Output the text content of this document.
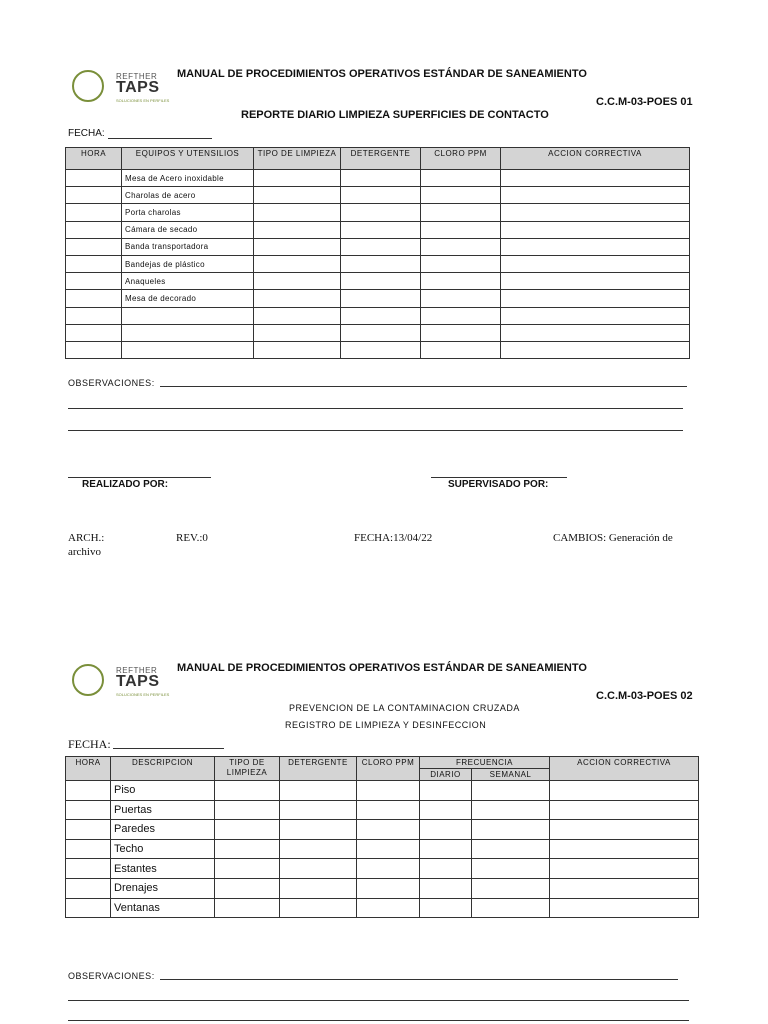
REFTHER
TAPS
SOLUCIONES EN PERFILES
MANUAL DE PROCEDIMIENTOS OPERATIVOS ESTÁNDAR DE SANEAMIENTO
C.C.M-03-POES 01
REPORTE DIARIO LIMPIEZA SUPERFICIES DE CONTACTO
FECHA:
HORA	EQUIPOS Y UTENSILIOS	TIPO DE LIMPIEZA	DETERGENTE	CLORO PPM	ACCION CORRECTIVA
	Mesa de Acero inoxidable				
	Charolas de acero				
	Porta charolas				
	Cámara de secado				
	Banda transportadora				
	Bandejas de plástico				
	Anaqueles				
	Mesa de decorado				

OBSERVACIONES:
REALIZADO POR:	SUPERVISADO POR:
ARCH.:	REV.:0	FECHA:13/04/22	CAMBIOS: Generación de
archivo
REFTHER
TAPS
SOLUCIONES EN PERFILES
MANUAL DE PROCEDIMIENTOS OPERATIVOS ESTÁNDAR DE SANEAMIENTO
C.C.M-03-POES 02
PREVENCION DE LA CONTAMINACION CRUZADA
REGISTRO DE LIMPIEZA Y DESINFECCION
FECHA:
HORA	DESCRIPCION	TIPO DE LIMPIEZA	DETERGENTE	CLORO PPM	FRECUENCIA		ACCION CORRECTIVA
					DIARIO	SEMANAL	
	Piso						
	Puertas						
	Paredes						
	Techo						
	Estantes						
	Drenajes						
	Ventanas						
OBSERVACIONES:
